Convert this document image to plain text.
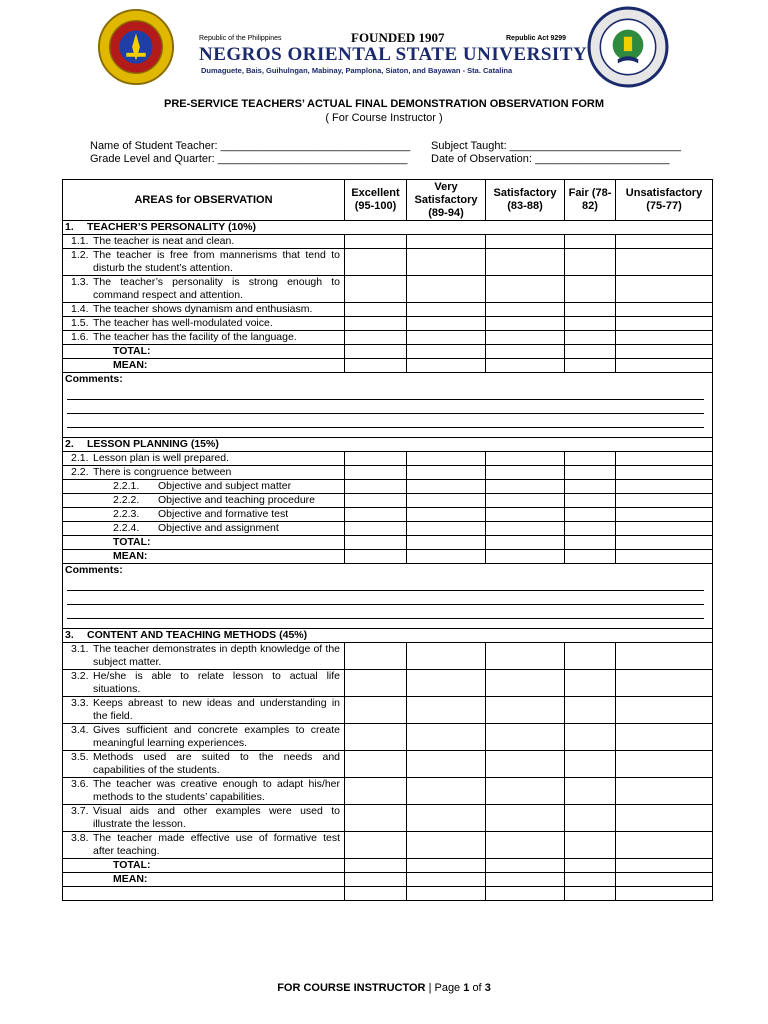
Republic of the Philippines	FOUNDED 1907	Republic Act 9299
NEGROS ORIENTAL STATE UNIVERSITY
Dumaguete, Bais, Guihulngan, Mabinay, Pamplona, Siaton, and Bayawan - Sta. Catalina
PRE-SERVICE TEACHERS’ ACTUAL FINAL DEMONSTRATION OBSERVATION FORM
( For Course Instructor )
Name of Student Teacher: _______________________________ Subject Taught: ____________________________
Grade Level and Quarter: _______________________________ Date of Observation: ______________________
AREAS for OBSERVATION	Excellent (95-100)	Very Satisfactory (89-94)	Satisfactory (83-88)	Fair (78-82)	Unsatisfactory (75-77)
1. TEACHER’S PERSONALITY (10%)					
1.1. The teacher is neat and clean.					
1.2. The teacher is free from mannerisms that tend to disturb the student’s attention.					
1.3. The teacher’s personality is strong enough to command respect and attention.					
1.4. The teacher shows dynamism and enthusiasm.					
1.5. The teacher has well-modulated voice.					
1.6. The teacher has the facility of the language.					
TOTAL:					
MEAN:					
Comments:					

2. LESSON PLANNING (15%)					
2.1. Lesson plan is well prepared.					
2.2. There is congruence between					
2.2.1. Objective and subject matter					
2.2.2. Objective and teaching procedure					
2.2.3. Objective and formative test					
2.2.4. Objective and assignment					
TOTAL:					
MEAN:					
Comments:					

3. CONTENT AND TEACHING METHODS (45%)					
3.1. The teacher demonstrates in depth knowledge of the subject matter.					
3.2. He/she is able to relate lesson to actual life situations.					
3.3. Keeps abreast to new ideas and understanding in the field.					
3.4. Gives sufficient and concrete examples to create meaningful learning experiences.					
3.5. Methods used are suited to the needs and capabilities of the students.					
3.6. The teacher was creative enough to adapt his/her methods to the students’ capabilities.					
3.7. Visual aids and other examples were used to illustrate the lesson.					
3.8. The teacher made effective use of formative test after teaching.					
TOTAL:					
MEAN:					

FOR COURSE INSTRUCTOR | Page 1 of 3
